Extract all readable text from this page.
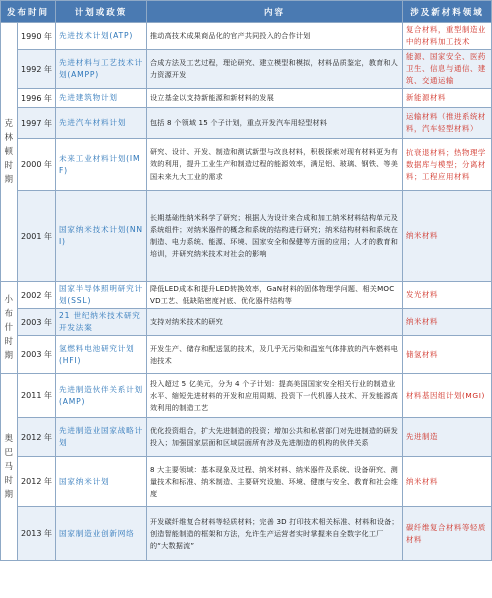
发布时间		计划或政策	内容	涉及新材料领域
克林顿时期	1990 年	先进技术计划(ATP)	推动高技术成果商品化的官产共同投入的合作计划	复合材料，重型制造业中的材料加工技术
	1992 年	先进材料与工艺技术计划(AMPP)	合成方法及工艺过程，理论研究、建立模型和模拟，材料品质鉴定，教育和人力资源开发	能源、国家安全、医药卫生、信息与通信、建筑、交通运输
	1996 年	先进建筑物计划	设立基金以支持新能源和新材料的发展	新能源材料
	1997 年	先进汽车材料计划	包括 8 个领域 15 个子计划，重点开发汽车用轻型材料	运输材料（推进系统材料，汽车轻型材料）
	2000 年	未来工业材料计划(IMF)	研究、设计、开发、制造和测试新型与改良材料，积极探索对现有材料更为有效的利用，提升工业生产和制造过程的能源效率，满足铝、玻璃、钢铁、等美国未来九大工业的需求	抗衰退材料；热物理学数据库与模型；分离材料；工程应用材料
	2001 年	国家纳米技术计划(NNI)	长期基础性纳米科学了研究；根据人为设计来合成和加工纳米材料结构单元及系统组件；对纳米器件的概念和系统的结构进行研究；纳米结构材料和系统在制造、电力系统、能源、环境、国家安全和保健等方面的应用；人才的教育和培训，并研究纳米技术对社会的影响	纳米材料
小布什时期	2002 年	国家半导体照明研究计划(SSL)	降低LED成本和提升LED转换效率，GaN材料的固体物理学问题、相关MOCVD工艺、低缺陷密度衬底、优化器件结构等	发光材料
	2003 年	21 世纪纳米技术研究开发法案	支持对纳米技术的研究	纳米材料
	2003 年	氢燃料电池研究计划(HFI)	开发生产、储存和配送氢的技术，及几乎无污染和温室气体排放的汽车燃料电池技术	储氢材料
奥巴马时期	2011 年	先进制造伙伴关系计划(AMP)	投入超过 5 亿美元，分为 4 个子计划：提高美国国家安全相关行业的制造业水平、缩短先进材料的开发和应用周期、投资下一代机器人技术、开发能源高效利用的制造工艺	材料基因组计划(MGI)
	2012 年	先进制造业国家战略计划	优化投资组合，扩大先进制造的投资；增加公共和私营部门对先进制造的研发投入；加强国家层面和区域层面所有涉及先进制造的机构的伙伴关系	先进制造
	2012 年	国家纳米计划	8 大主要领域：基本现象及过程、纳米材料、纳米器件及系统、设备研究、测量技术和标准、纳米制造、主要研究设施、环境、健康与安全、教育和社会维度	纳米材料
	2013 年	国家制造业创新网络	开发碳纤维复合材料等轻质材料；完善 3D 打印技术相关标准、材料和设备；创造智能制造的框架和方法，允许生产运营者实时掌握来自全数字化工厂的“大数据流”	碳纤维复合材料等轻质材料
